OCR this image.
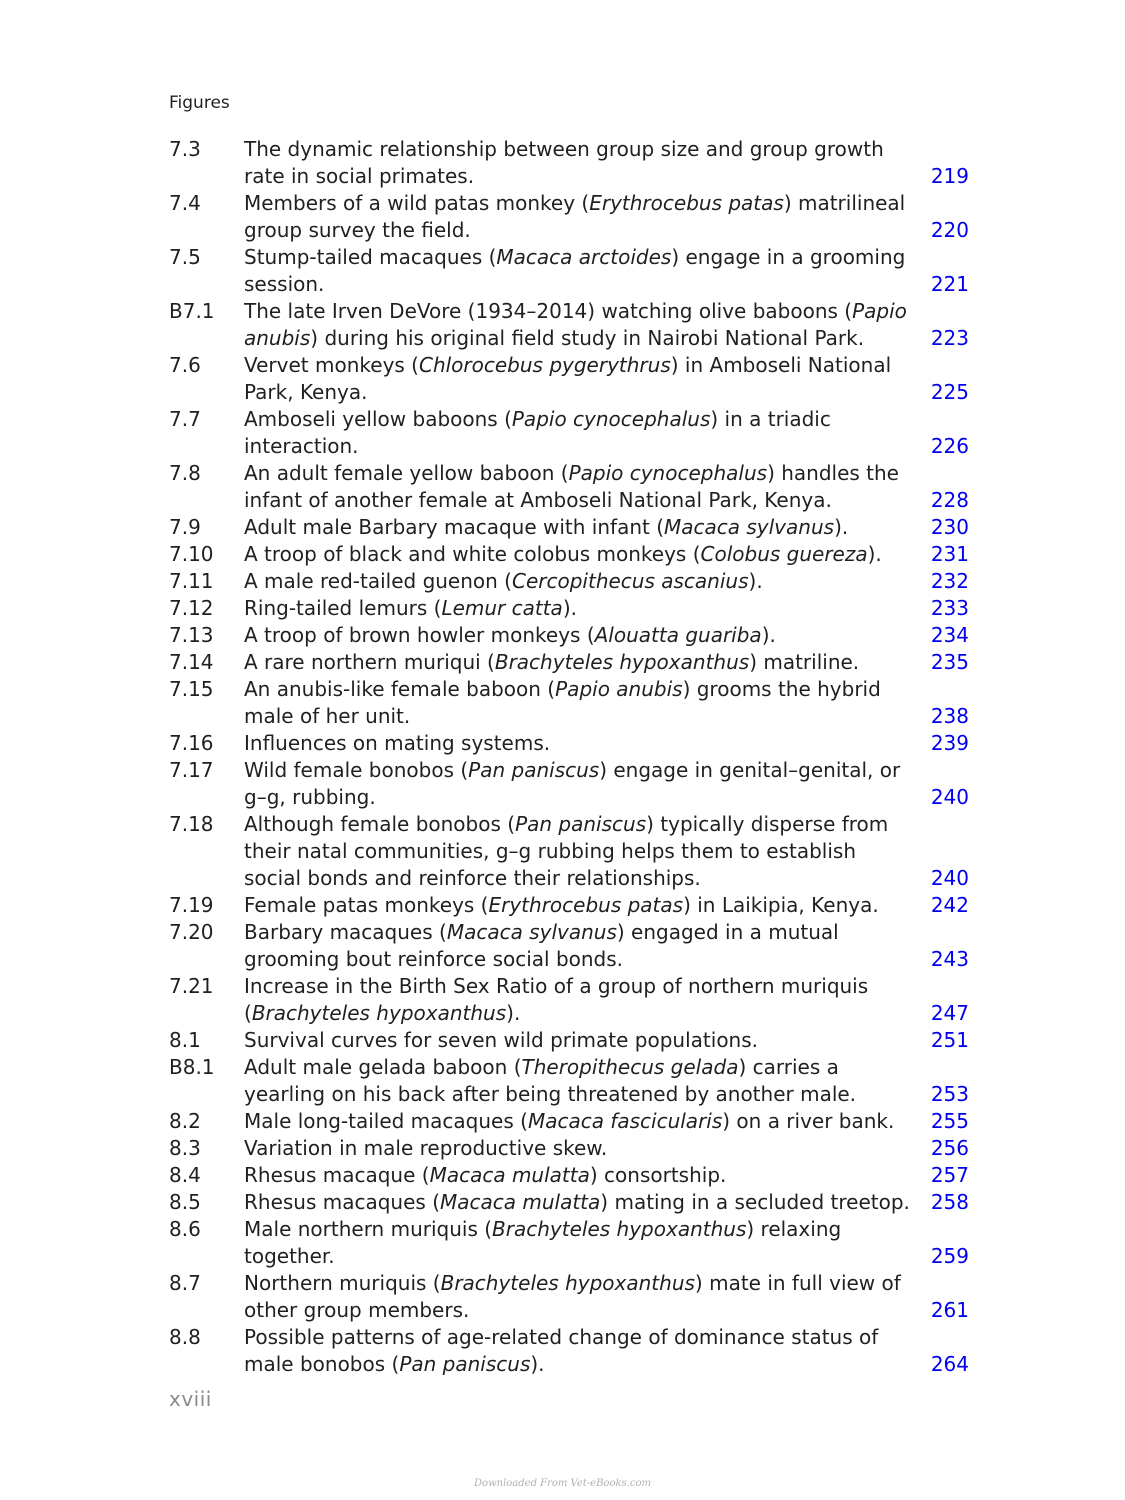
Figures
7.3	The dynamic relationship between group size and group growth rate in social primates.	219
7.4	Members of a wild patas monkey (Erythrocebus patas) matrilineal group survey the field.	220
7.5	Stump-tailed macaques (Macaca arctoides) engage in a grooming session.	221
B7.1	The late Irven DeVore (1934–2014) watching olive baboons (Papio anubis) during his original field study in Nairobi National Park.	223
7.6	Vervet monkeys (Chlorocebus pygerythrus) in Amboseli National Park, Kenya.	225
7.7	Amboseli yellow baboons (Papio cynocephalus) in a triadic interaction.	226
7.8	An adult female yellow baboon (Papio cynocephalus) handles the infant of another female at Amboseli National Park, Kenya.	228
7.9	Adult male Barbary macaque with infant (Macaca sylvanus).	230
7.10	A troop of black and white colobus monkeys (Colobus guereza).	231
7.11	A male red-tailed guenon (Cercopithecus ascanius).	232
7.12	Ring-tailed lemurs (Lemur catta).	233
7.13	A troop of brown howler monkeys (Alouatta guariba).	234
7.14	A rare northern muriqui (Brachyteles hypoxanthus) matriline.	235
7.15	An anubis-like female baboon (Papio anubis) grooms the hybrid male of her unit.	238
7.16	Influences on mating systems.	239
7.17	Wild female bonobos (Pan paniscus) engage in genital–genital, or g–g, rubbing.	240
7.18	Although female bonobos (Pan paniscus) typically disperse from their natal communities, g–g rubbing helps them to establish social bonds and reinforce their relationships.	240
7.19	Female patas monkeys (Erythrocebus patas) in Laikipia, Kenya.	242
7.20	Barbary macaques (Macaca sylvanus) engaged in a mutual grooming bout reinforce social bonds.	243
7.21	Increase in the Birth Sex Ratio of a group of northern muriquis (Brachyteles hypoxanthus).	247
8.1	Survival curves for seven wild primate populations.	251
B8.1	Adult male gelada baboon (Theropithecus gelada) carries a yearling on his back after being threatened by another male.	253
8.2	Male long-tailed macaques (Macaca fascicularis) on a river bank.	255
8.3	Variation in male reproductive skew.	256
8.4	Rhesus macaque (Macaca mulatta) consortship.	257
8.5	Rhesus macaques (Macaca mulatta) mating in a secluded treetop.	258
8.6	Male northern muriquis (Brachyteles hypoxanthus) relaxing together.	259
8.7	Northern muriquis (Brachyteles hypoxanthus) mate in full view of other group members.	261
8.8	Possible patterns of age-related change of dominance status of male bonobos (Pan paniscus).	264
xviii
Downloaded From Vet-eBooks.com
